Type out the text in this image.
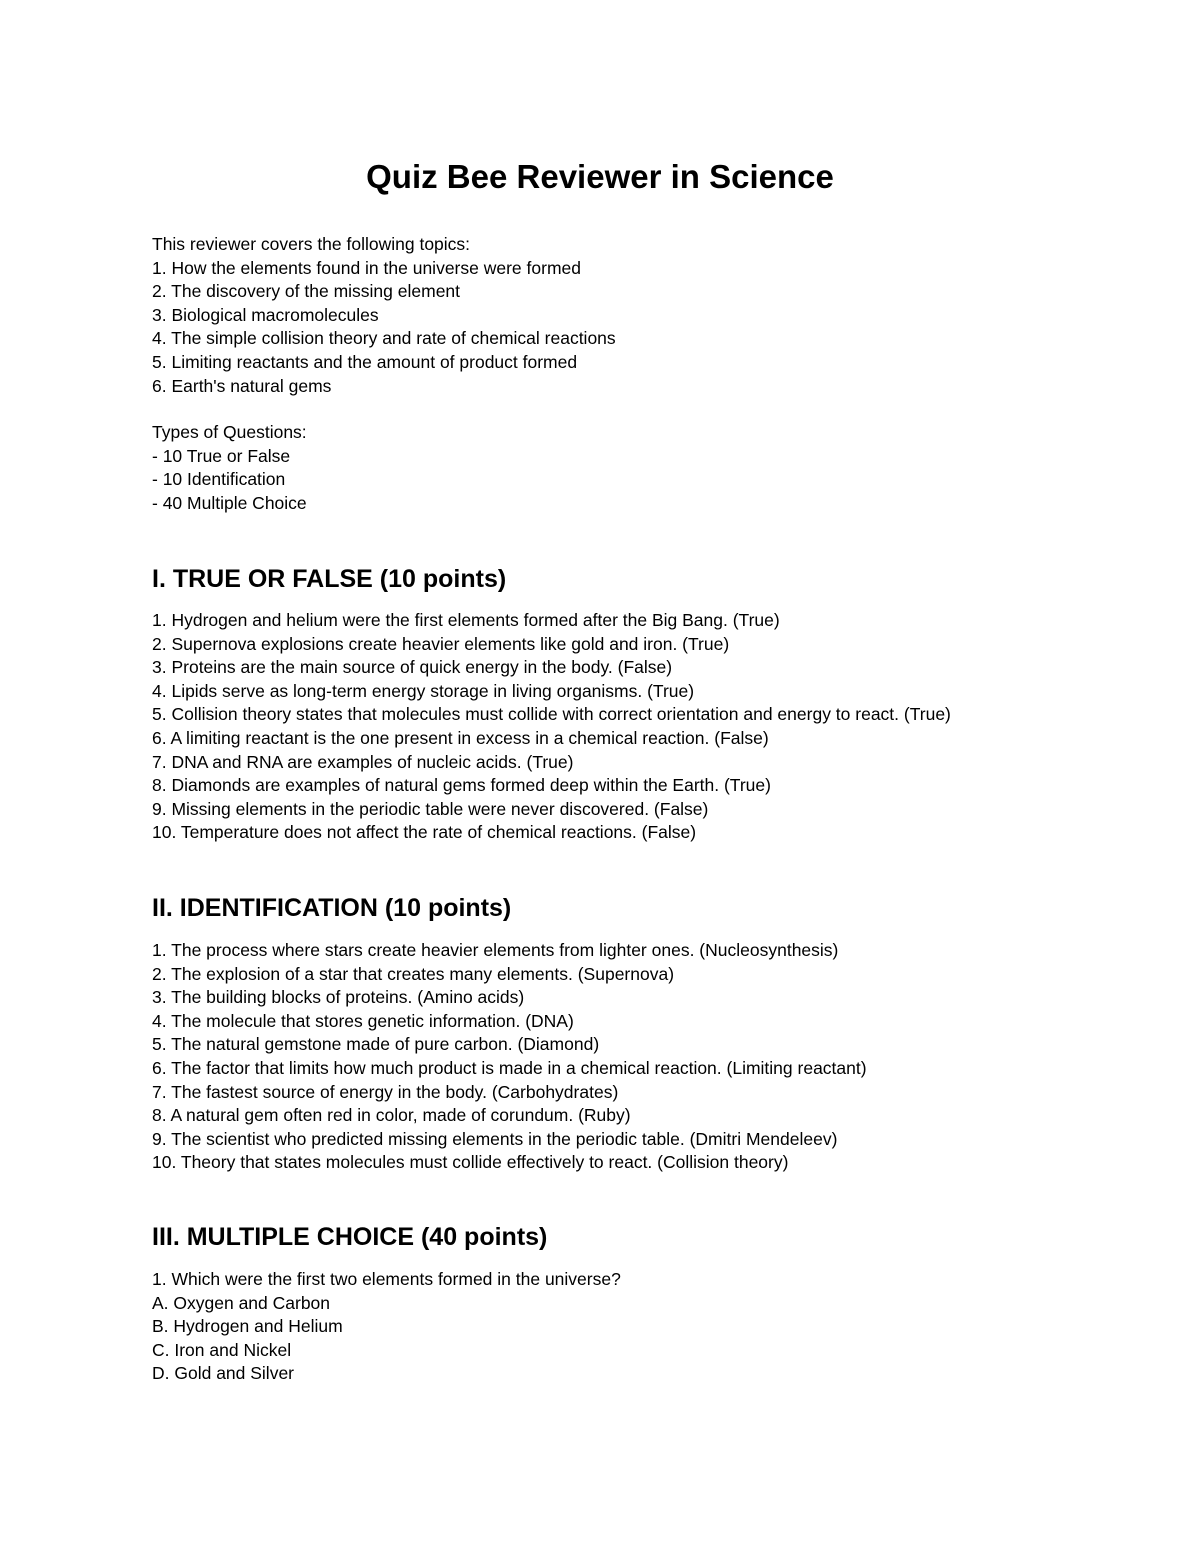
Quiz Bee Reviewer in Science
This reviewer covers the following topics:
1. How the elements found in the universe were formed
2. The discovery of the missing element
3. Biological macromolecules
4. The simple collision theory and rate of chemical reactions
5. Limiting reactants and the amount of product formed
6. Earth's natural gems
Types of Questions:
- 10 True or False
- 10 Identification
- 40 Multiple Choice
I. TRUE OR FALSE (10 points)
1. Hydrogen and helium were the first elements formed after the Big Bang. (True)
2. Supernova explosions create heavier elements like gold and iron. (True)
3. Proteins are the main source of quick energy in the body. (False)
4. Lipids serve as long-term energy storage in living organisms. (True)
5. Collision theory states that molecules must collide with correct orientation and energy to react. (True)
6. A limiting reactant is the one present in excess in a chemical reaction. (False)
7. DNA and RNA are examples of nucleic acids. (True)
8. Diamonds are examples of natural gems formed deep within the Earth. (True)
9. Missing elements in the periodic table were never discovered. (False)
10. Temperature does not affect the rate of chemical reactions. (False)
II. IDENTIFICATION (10 points)
1. The process where stars create heavier elements from lighter ones. (Nucleosynthesis)
2. The explosion of a star that creates many elements. (Supernova)
3. The building blocks of proteins. (Amino acids)
4. The molecule that stores genetic information. (DNA)
5. The natural gemstone made of pure carbon. (Diamond)
6. The factor that limits how much product is made in a chemical reaction. (Limiting reactant)
7. The fastest source of energy in the body. (Carbohydrates)
8. A natural gem often red in color, made of corundum. (Ruby)
9. The scientist who predicted missing elements in the periodic table. (Dmitri Mendeleev)
10. Theory that states molecules must collide effectively to react. (Collision theory)
III. MULTIPLE CHOICE (40 points)
1. Which were the first two elements formed in the universe?
A. Oxygen and Carbon
B. Hydrogen and Helium
C. Iron and Nickel
D. Gold and Silver
